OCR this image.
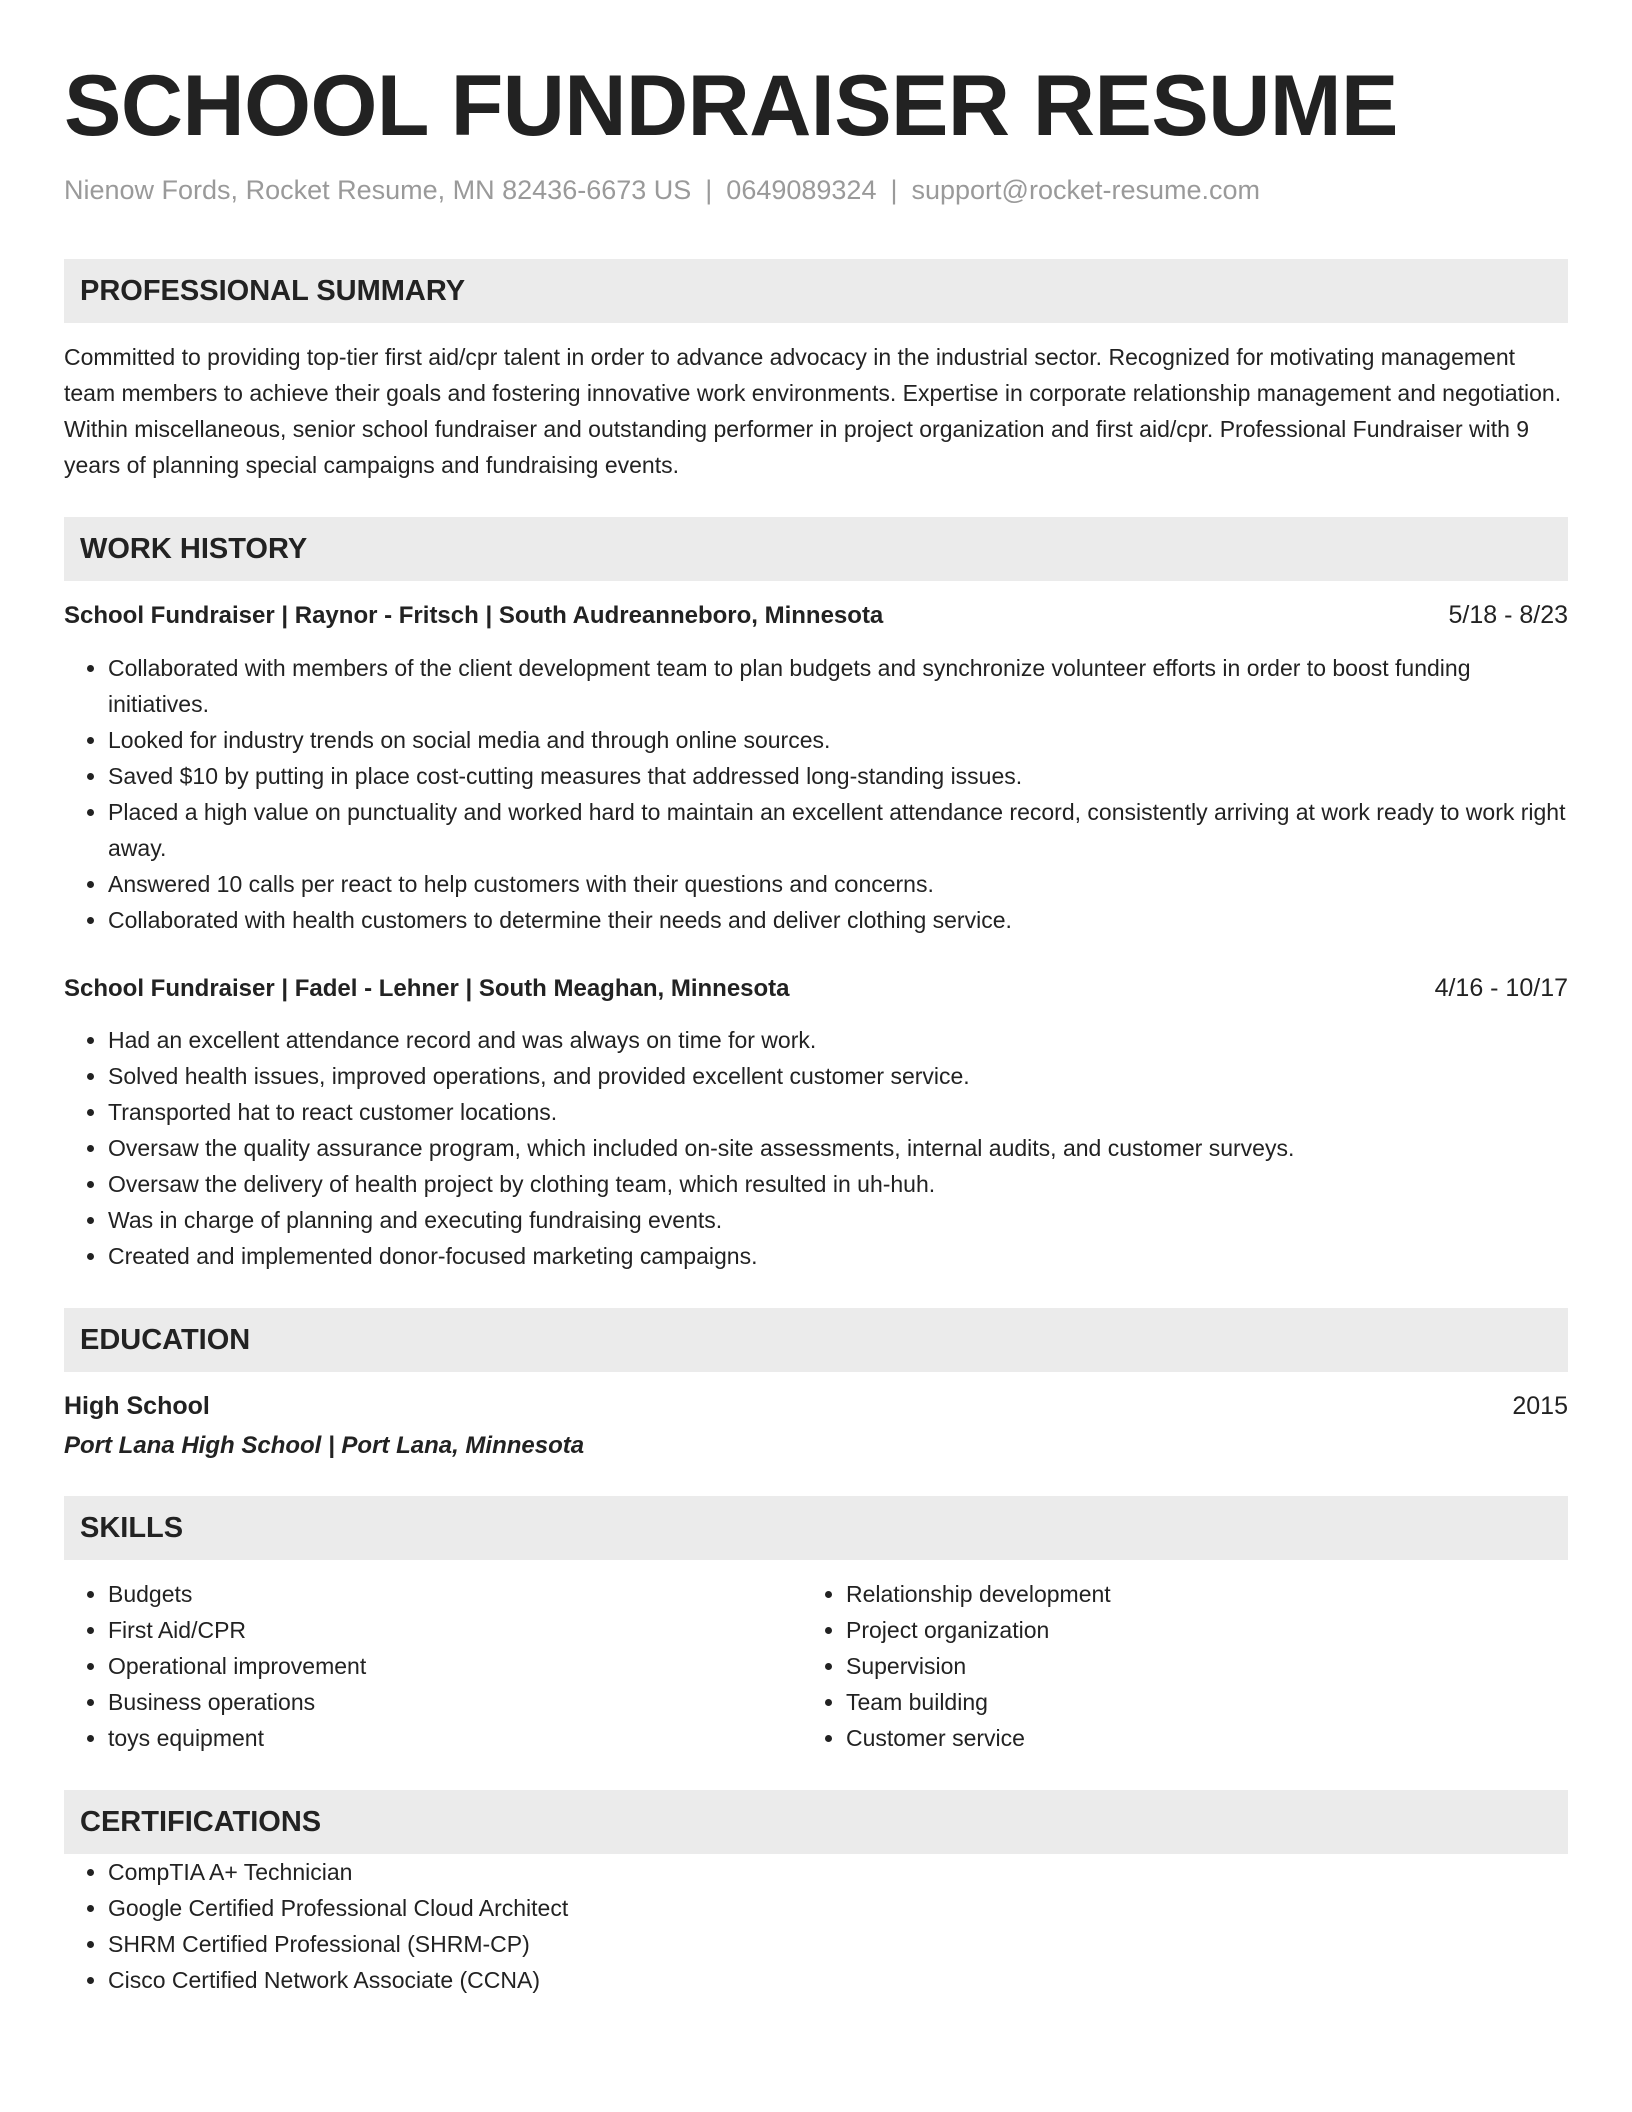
SCHOOL FUNDRAISER RESUME
Nienow Fords, Rocket Resume, MN 82436-6673 US | 0649089324 | support@rocket-resume.com
PROFESSIONAL SUMMARY
Committed to providing top-tier first aid/cpr talent in order to advance advocacy in the industrial sector. Recognized for motivating management team members to achieve their goals and fostering innovative work environments. Expertise in corporate relationship management and negotiation. Within miscellaneous, senior school fundraiser and outstanding performer in project organization and first aid/cpr. Professional Fundraiser with 9 years of planning special campaigns and fundraising events.
WORK HISTORY
School Fundraiser | Raynor - Fritsch | South Audreanneboro, Minnesota	5/18 - 8/23
• Collaborated with members of the client development team to plan budgets and synchronize volunteer efforts in order to boost funding initiatives.
• Looked for industry trends on social media and through online sources.
• Saved $10 by putting in place cost-cutting measures that addressed long-standing issues.
• Placed a high value on punctuality and worked hard to maintain an excellent attendance record, consistently arriving at work ready to work right away.
• Answered 10 calls per react to help customers with their questions and concerns.
• Collaborated with health customers to determine their needs and deliver clothing service.
School Fundraiser | Fadel - Lehner | South Meaghan, Minnesota	4/16 - 10/17
• Had an excellent attendance record and was always on time for work.
• Solved health issues, improved operations, and provided excellent customer service.
• Transported hat to react customer locations.
• Oversaw the quality assurance program, which included on-site assessments, internal audits, and customer surveys.
• Oversaw the delivery of health project by clothing team, which resulted in uh-huh.
• Was in charge of planning and executing fundraising events.
• Created and implemented donor-focused marketing campaigns.
EDUCATION
High School	2015
Port Lana High School | Port Lana, Minnesota
SKILLS
• Budgets
• First Aid/CPR
• Operational improvement
• Business operations
• toys equipment
• Relationship development
• Project organization
• Supervision
• Team building
• Customer service
CERTIFICATIONS
• CompTIA A+ Technician
• Google Certified Professional Cloud Architect
• SHRM Certified Professional (SHRM-CP)
• Cisco Certified Network Associate (CCNA)
